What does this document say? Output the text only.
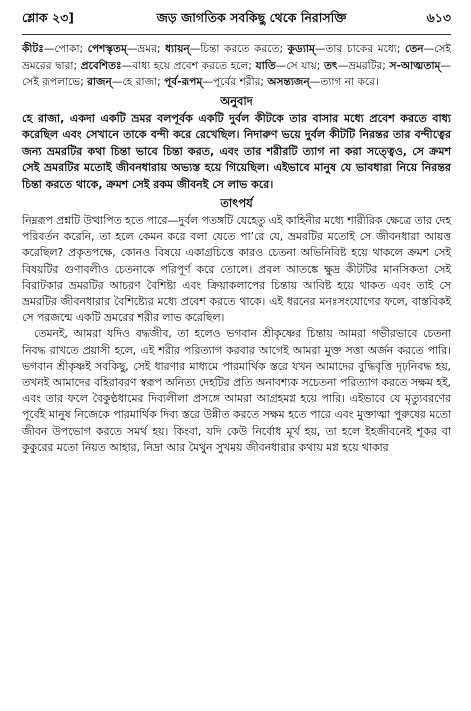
শ্লোক ২৩]	জড় জাগতিক সবকিছু থেকে নিরাসক্তি	৬১৩

কীটঃ—পোকা; পেশস্কৃতম্—ভ্রমর; ধ্যায়ন্—চিন্তা করতে করতে; কুড্যাম্—তার চাকের মধ্যে; তেন—সেই ভ্রমরের দ্বারা; প্রবেশিতঃ—বাধ্য হয়ে প্রবেশ করতে হলে; যাতি—সে যায়; তৎ—ভ্রমরটির; স-আত্মতাম্—সেই রূপলাভে; রাজন্—হে রাজা; পূর্ব-রূপম্—পূর্বের শরীর; অসন্ত্যজন্—ত্যাগ না করে।

অনুবাদ

হে রাজা, একদা একটি ভ্রমর বলপূর্বক একটি দুর্বল কীটকে তার বাসার মধ্যে প্রবেশ করতে বাধ্য করেছিল এবং সেখানে তাকে বন্দী করে রেখেছিল। নিদারুণ ভয়ে দুর্বল কীটটি নিরন্তর তার বন্দীত্বের জন্য ভ্রমরটির কথা চিন্তা ভাবে চিন্তা করত, এবং তার শরীরটি ত্যাগ না করা সত্ত্বেও, সে ক্রমশ সেই ভ্রমরটির মতোই জীবনধারায় অভ্যস্ত হয়ে গিয়েছিল। এইভাবে মানুষ যে ভাবধারা নিয়ে নিরন্তর চিন্তা করতে থাকে, ক্রমশ সেই রকম জীবনই সে লাভ করে।

তাৎপর্য

নিম্নরূপ প্রশ্নটি উত্থাপিত হতে পারে—দুর্বল পতঙ্গটি যেহেতু এই কাহিনীর মধ্যে শারীরিক ক্ষেত্রে তার দেহ পরিবর্তন করেনি, তা হলে কেমন করে বলা যেতে পা’রে যে, ভ্রমরটির মতোই সে জীবনধারা আয়ত্ত করেছিল? প্রকৃতপক্ষে, কোনও বিষয়ে একাগ্রচিত্তে কারও চেতনা অভিনিবিষ্ট হয়ে থাকলে ক্রমশ সেই বিষয়টির গুণাবলীও চেতনাকে পরিপূর্ণ করে তোলে। প্রবল আতঙ্কে ক্ষুদ্র কীটটির মানসিকতা সেই বিরাটকার ভ্রমরটির আচরণ বৈশিষ্ট্য এবং ক্রিয়াকলাপের চিন্তায় আবিষ্ট হয়ে থাকত এবং তাই সে ভ্রমরটির জীবনধারার বৈশিষ্ট্যের মধ্যে প্রবেশ করতে থাকে। এই ধরনের মনঃসংযোগের ফলে, বাস্তবিকই সে পরজন্মে একটি ভ্রমরের শরীর লাভ করেছিল।

তেমনই, আমরা যদিও বদ্ধজীব, তা হলেও ভগবান শ্রীকৃষ্ণের চিন্তায় আমরা গভীরভাবে চেতনা নিবদ্ধ রাখতে প্রয়াসী হলে, এই শরীর পরিত্যাগ করবার আগেই আমরা মুক্ত সত্তা অর্জন করতে পারি। ভগবান শ্রীকৃষ্ণই সবকিছু, সেই ধারণার মাধ্যমে পারমার্থিক স্তরে যখন আমাদের বুদ্ধিবৃত্তি দৃঢ়নিবদ্ধ হয়, তখনই আমাদের বহিরাবরণ স্বরূপ অনিত্য দেহটির প্রতি অনাবশ্যক সচেতনা পরিত্যাগ করতে সক্ষম হই, এবং তার ফলে বৈকুণ্ঠধামের দিব্যলীলা প্রসঙ্গে আমরা আগ্রহমগ্ন হয়ে পারি। এইভাবে যে মৃত্যুবরণের পূর্বেই মানুষ নিজেকে পারমার্থিক দিব্য স্তরে উন্নীত করতে সক্ষম হতে পারে এবং মুক্তাত্মা পুরুষের মতো জীবন উপভোগ করতে সমর্থ হয়। কিংবা, যদি কেউ নির্বোধ মূর্খ হয়, তা হলে ইহজীবনেই শূকর বা কুকুরের মতো নিয়ত আহার, নিদ্রা আর মৈথুন সুখময় জীবনধারার কথায় মগ্ন হয়ে থাকার
